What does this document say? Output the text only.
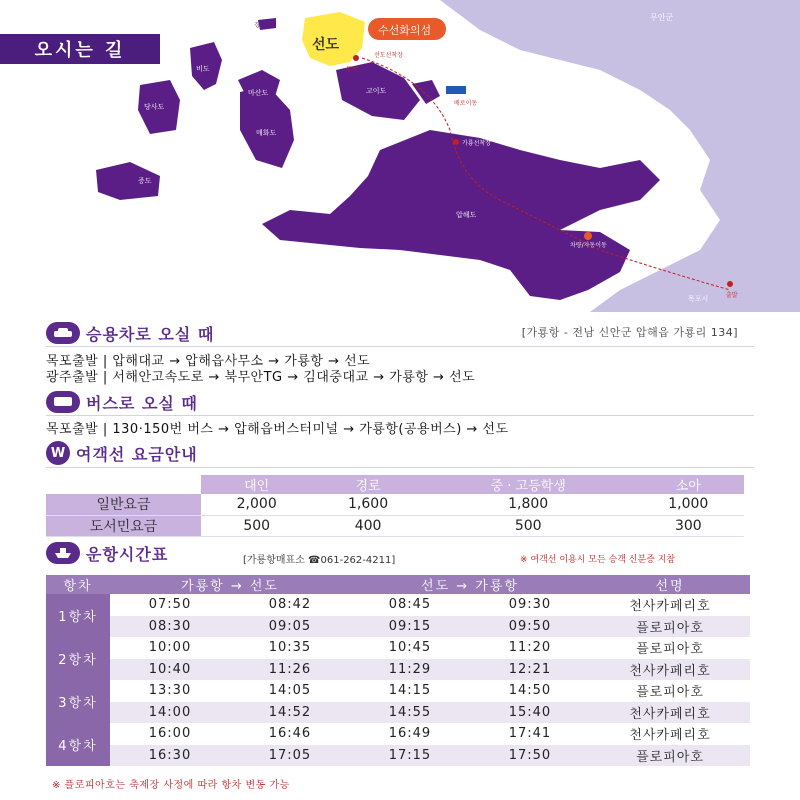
오시는 길	선도
수선화의섬
무안군
목포시
비도
당사도
매화도
마산도
증도
고이도
압해도
경도
선도선착장
도착
가룡선착장
배로이동
차량/자동이동
출발
승용차로 오실 때	[가룡항 - 전남 신안군 압해읍 가룡리 134]
목포출발 | 압해대교 → 압해읍사무소 → 가룡항 → 선도
광주출발 | 서해안고속도로 → 북무안TG → 김대중대교 → 가룡항 → 선도
버스로 오실 때
목포출발 | 130·150번 버스 → 압해읍버스터미널 → 가룡항(공용버스) → 선도
W 여객선 요금안내
	대인	경로	중 · 고등학생	소아
일반요금	2,000	1,600	1,800	1,000
도서민요금	500	400	500	300
운항시간표	[가룡항매표소 ☎061-262-4211]	※ 여객선 이용시 모든 승객 신분증 지참
항차	가룡항 → 선도		선도 → 가룡항		선명
1항차	07:50	08:42	08:45	09:30	천사카페리호
	08:30	09:05	09:15	09:50	플로피아호
2항차	10:00	10:35	10:45	11:20	플로피아호
	10:40	11:26	11:29	12:21	천사카페리호
3항차	13:30	14:05	14:15	14:50	플로피아호
	14:00	14:52	14:55	15:40	천사카페리호
4항차	16:00	16:46	16:49	17:41	천사카페리호
	16:30	17:05	17:15	17:50	플로피아호
※ 플로피아호는 축제장 사정에 따라 항차 변동 가능
